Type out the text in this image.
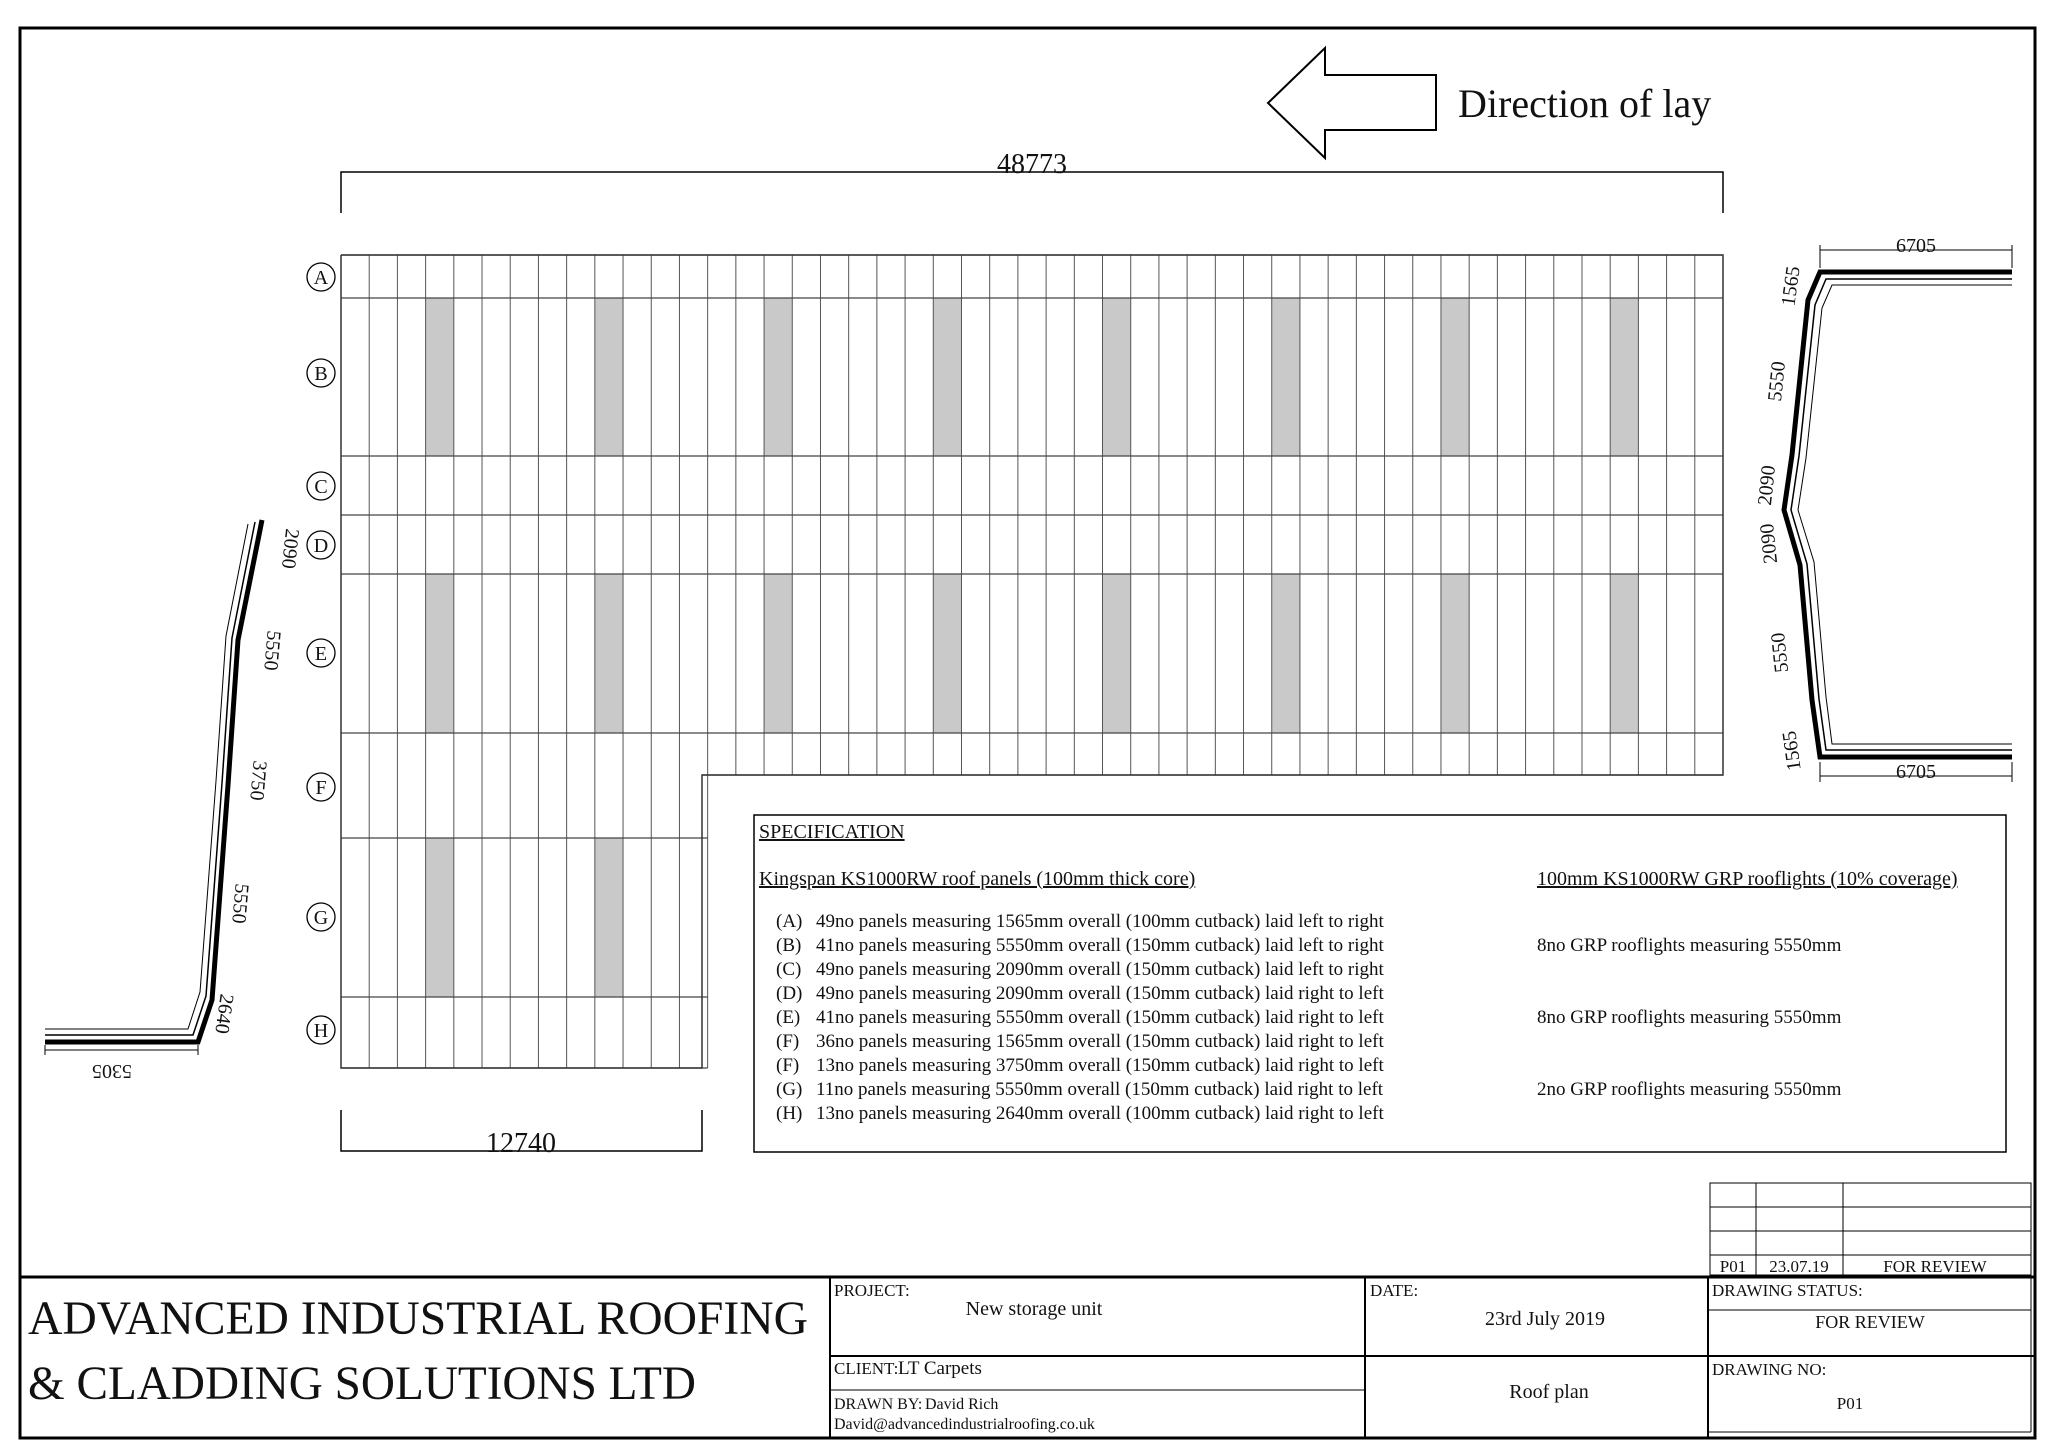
Direction of lay
48773
A
B
C
D
E
F
G
H
12740
6705
6705
1565
5550
2090
2090
5550
1565
2090
5550
3750
5550
2640
5305
SPECIFICATION
Kingspan KS1000RW roof panels (100mm thick core)	100mm KS1000RW GRP rooflights (10% coverage)
(A) 49no panels measuring 1565mm overall (100mm cutback) laid left to right
(B) 41no panels measuring 5550mm overall (150mm cutback) laid left to right	8no GRP rooflights measuring 5550mm
(C) 49no panels measuring 2090mm overall (150mm cutback) laid left to right
(D) 49no panels measuring 2090mm overall (150mm cutback) laid right to left
(E) 41no panels measuring 5550mm overall (150mm cutback) laid right to left	8no GRP rooflights measuring 5550mm
(F) 36no panels measuring 1565mm overall (150mm cutback) laid right to left
(F) 13no panels measuring 3750mm overall (150mm cutback) laid right to left
(G) 11no panels measuring 5550mm overall (150mm cutback) laid right to left	2no GRP rooflights measuring 5550mm
(H) 13no panels measuring 2640mm overall (100mm cutback) laid right to left
P01 23.07.19	FOR REVIEW
ADVANCED INDUSTRIAL ROOFING
& CLADDING SOLUTIONS LTD
PROJECT:
New storage unit
CLIENT: LT Carpets
DRAWN BY: David Rich
David@advancedindustrialroofing.co.uk
DATE:
23rd July 2019
Roof plan
DRAWING STATUS:
FOR REVIEW
DRAWING NO:
P01
